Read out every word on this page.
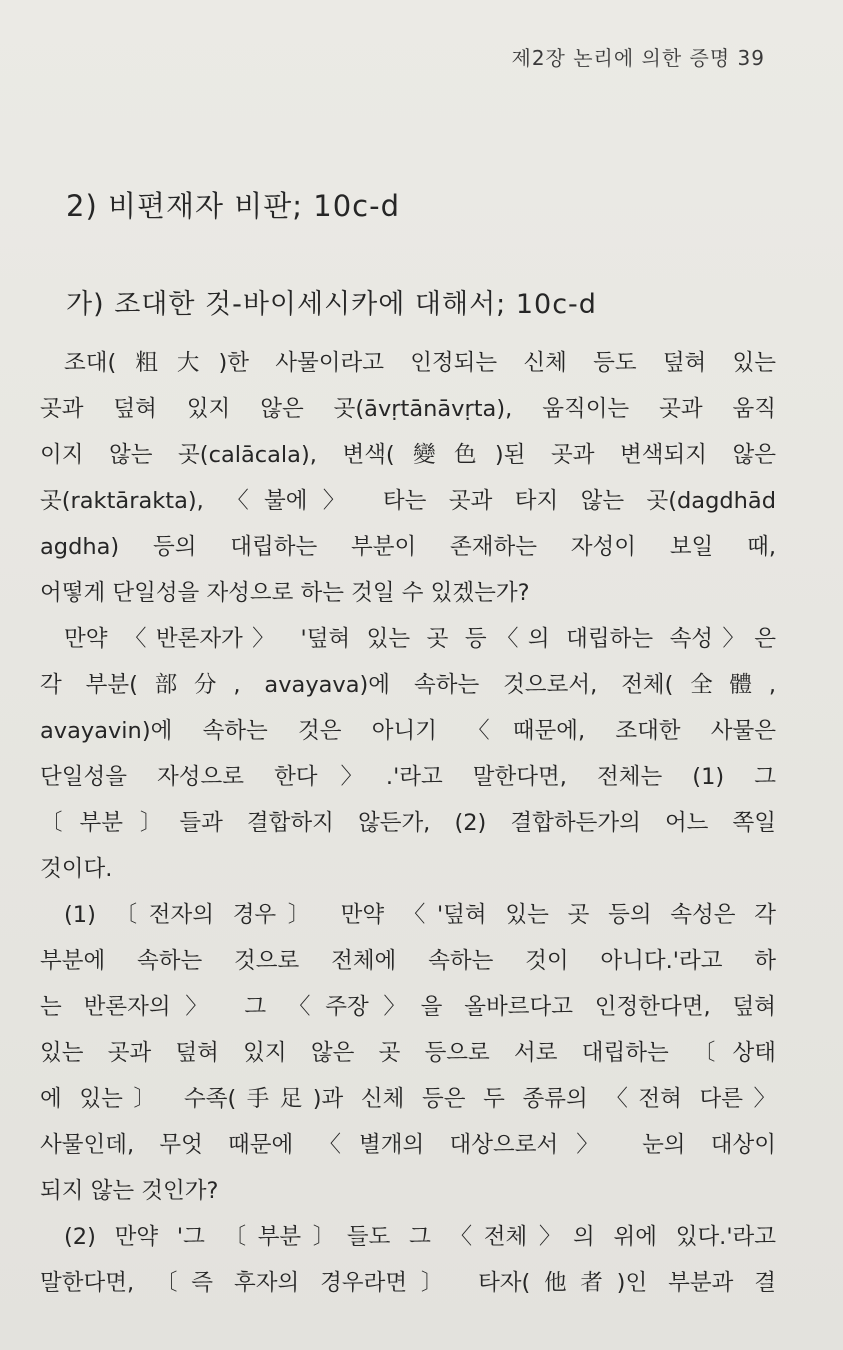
제2장 논리에 의한 증명 39
2) 비편재자 비판; 10c-d
가) 조대한 것-바이세시카에 대해서; 10c-d
조대(粗大)한 사물이라고 인정되는 신체 등도 덮혀 있는
곳과 덮혀 있지 않은 곳(āvṛtānāvṛta), 움직이는 곳과 움직
이지 않는 곳(calācala), 변색(變色)된 곳과 변색되지 않은
곳(raktārakta), 〈불에〉 타는 곳과 타지 않는 곳(dagdhād
agdha) 등의 대립하는 부분이 존재하는 자성이 보일 때,
어떻게 단일성을 자성으로 하는 것일 수 있겠는가?
만약 〈반론자가〉 '덮혀 있는 곳 등〈의 대립하는 속성〉은
각 부분(部分, avayava)에 속하는 것으로서, 전체(全體,
avayavin)에 속하는 것은 아니기 〈때문에, 조대한 사물은
단일성을 자성으로 한다〉.'라고 말한다면, 전체는 (1) 그
〔부분〕들과 결합하지 않든가, (2) 결합하든가의 어느 쪽일
것이다.
(1) 〔전자의 경우〕 만약 〈'덮혀 있는 곳 등의 속성은 각
부분에 속하는 것으로 전체에 속하는 것이 아니다.'라고 하
는 반론자의〉 그 〈주장〉을 올바르다고 인정한다면, 덮혀
있는 곳과 덮혀 있지 않은 곳 등으로 서로 대립하는 〔상태
에 있는〕 수족(手足)과 신체 등은 두 종류의 〈전혀 다른〉
사물인데, 무엇 때문에 〈별개의 대상으로서〉 눈의 대상이
되지 않는 것인가?
(2) 만약 '그 〔부분〕들도 그 〈전체〉의 위에 있다.'라고
말한다면, 〔즉 후자의 경우라면〕 타자(他者)인 부분과 결
